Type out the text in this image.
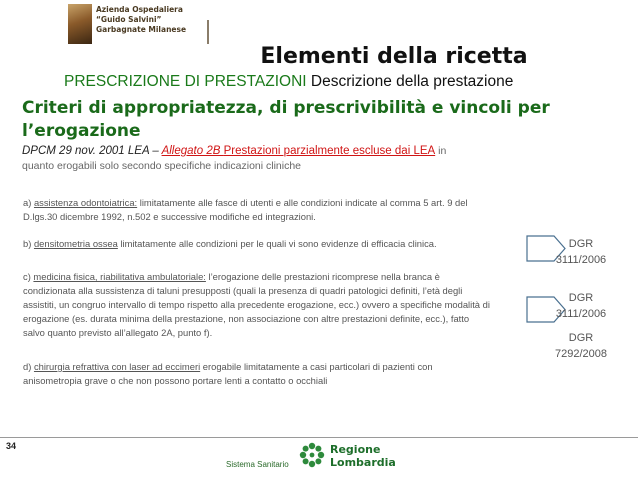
Azienda Ospedaliera
“Guido Salvini”
Garbagnate Milanese
Elementi della ricetta
PRESCRIZIONE DI PRESTAZIONI Descrizione della prestazione
Criteri di appropriatezza, di prescrivibilità e vincoli per l’erogazione
DPCM 29 nov. 2001 LEA – Allegato 2B Prestazioni parzialmente escluse dai LEA in
quanto erogabili solo secondo specifiche indicazioni cliniche
a) assistenza odontoiatrica: limitatamente alle fasce di utenti e alle condizioni indicate al comma 5 art. 9 del D.lgs.30 dicembre 1992, n.502 e successive modifiche ed integrazioni.
b) densitometria ossea limitatamente alle condizioni per le quali vi sono evidenze di efficacia clinica.
c) medicina fisica, riabilitativa ambulatoriale: l’erogazione delle prestazioni ricomprese nella branca è condizionata alla sussistenza di taluni presupposti (quali la presenza di quadri patologici definiti, l’età degli assistiti, un congruo intervallo di tempo rispetto alla precedente erogazione, ecc.) ovvero a specifiche modalità di erogazione (es. durata minima della prestazione, non associazione con altre prestazioni definite, ecc.), fatto salvo quanto previsto all’allegato 2A, punto f).
d) chirurgia refrattiva con laser ad eccimeri erogabile limitatamente a casi particolari di pazienti con anisometropia grave o che non possono portare lenti a contatto o occhiali
DGR
3111/2006
DGR
3111/2006
DGR
7292/2008
34
Sistema Sanitario
Regione
Lombardia
